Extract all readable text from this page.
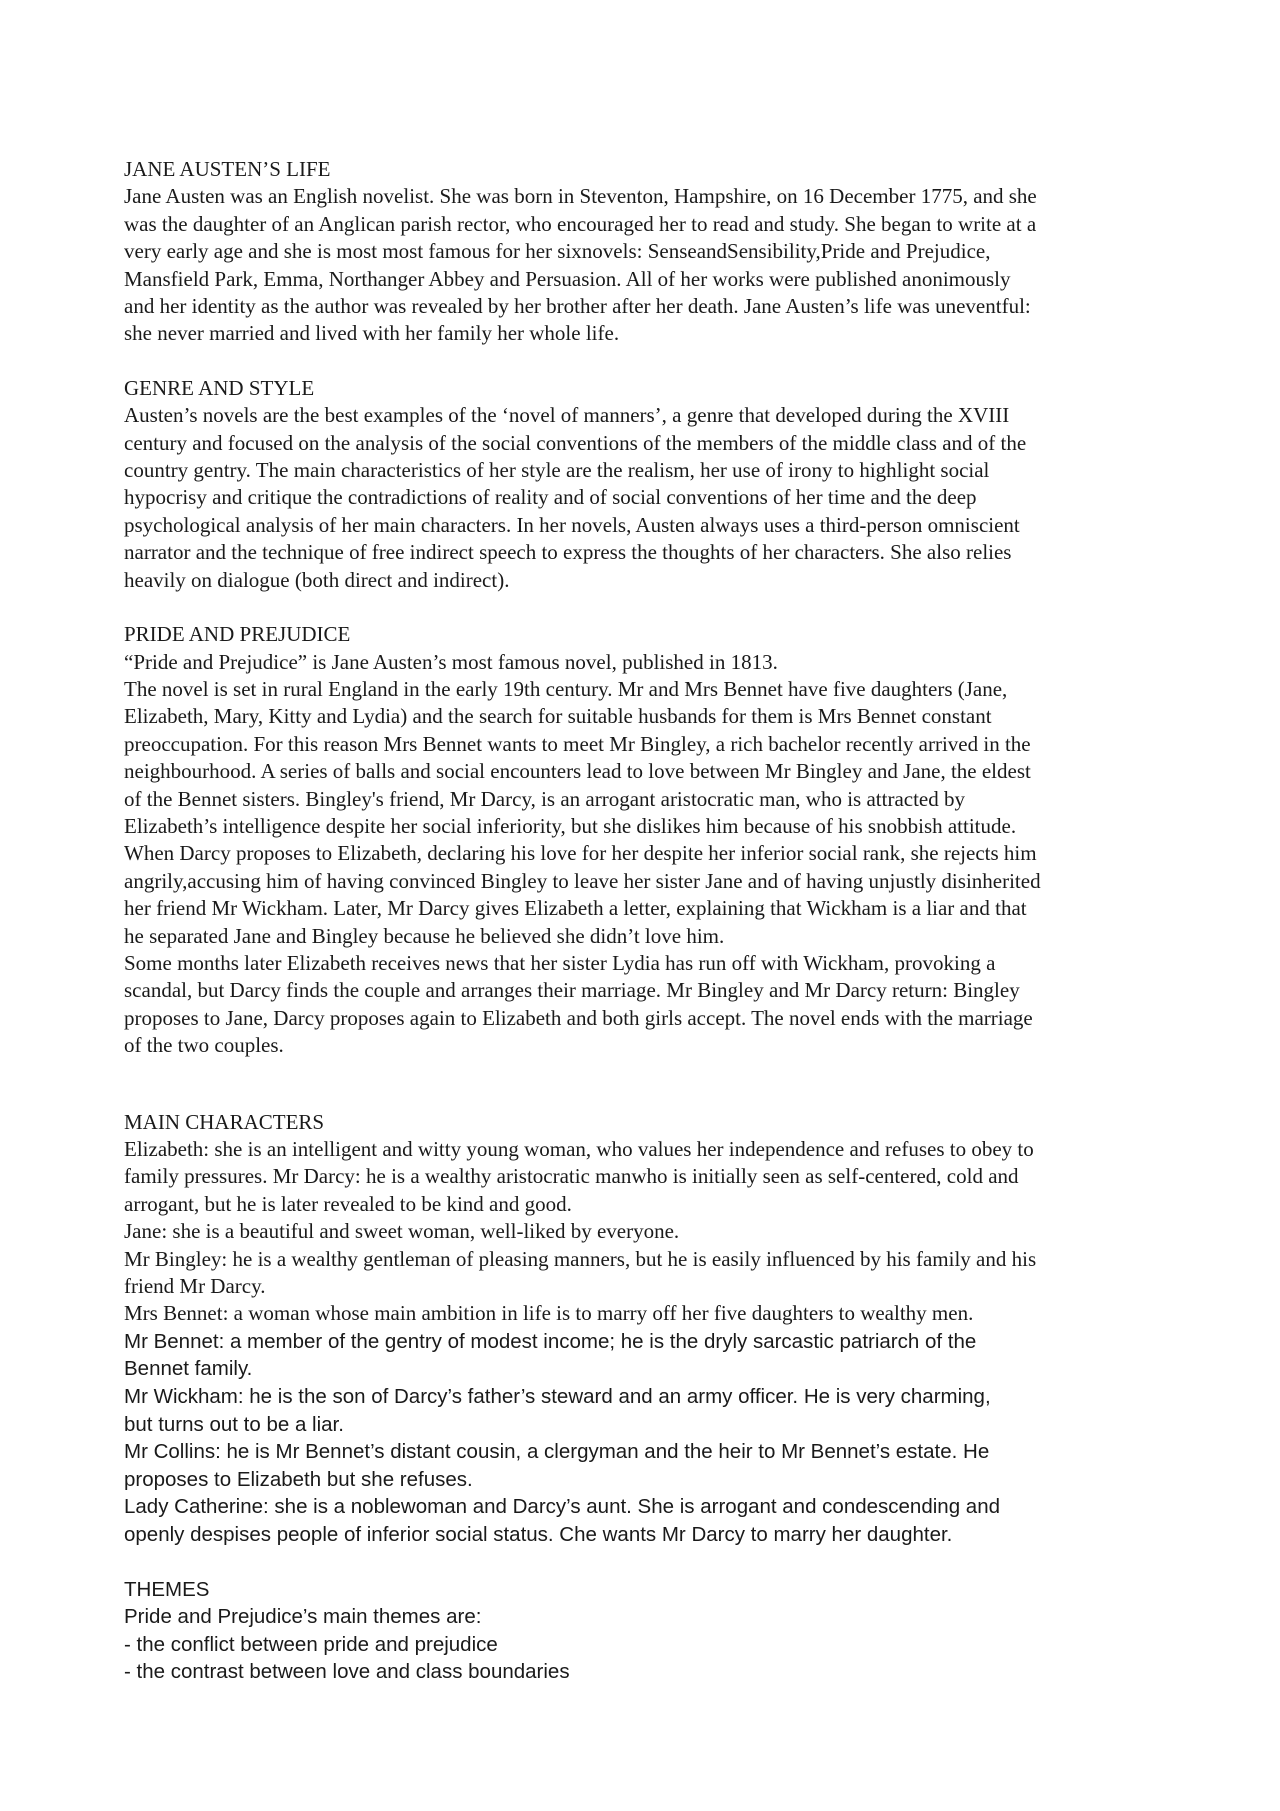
JANE AUSTEN’S LIFE
Jane Austen was an English novelist. She was born in Steventon, Hampshire, on 16 December 1775, and she
was the daughter of an Anglican parish rector, who encouraged her to read and study. She began to write at a
very early age and she is most most famous for her sixnovels: SenseandSensibility,Pride and Prejudice,
Mansfield Park, Emma, Northanger Abbey and Persuasion. All of her works were published anonimously
and her identity as the author was revealed by her brother after her death. Jane Austen’s life was uneventful:
she never married and lived with her family her whole life.
GENRE AND STYLE
Austen’s novels are the best examples of the ‘novel of manners’, a genre that developed during the XVIII
century and focused on the analysis of the social conventions of the members of the middle class and of the
country gentry. The main characteristics of her style are the realism, her use of irony to highlight social
hypocrisy and critique the contradictions of reality and of social conventions of her time and the deep
psychological analysis of her main characters. In her novels, Austen always uses a third-person omniscient
narrator and the technique of free indirect speech to express the thoughts of her characters. She also relies
heavily on dialogue (both direct and indirect).
PRIDE AND PREJUDICE
“Pride and Prejudice” is Jane Austen’s most famous novel, published in 1813.
The novel is set in rural England in the early 19th century. Mr and Mrs Bennet have five daughters (Jane,
Elizabeth, Mary, Kitty and Lydia) and the search for suitable husbands for them is Mrs Bennet constant
preoccupation. For this reason Mrs Bennet wants to meet Mr Bingley, a rich bachelor recently arrived in the
neighbourhood. A series of balls and social encounters lead to love between Mr Bingley and Jane, the eldest
of the Bennet sisters. Bingley's friend, Mr Darcy, is an arrogant aristocratic man, who is attracted by
Elizabeth’s intelligence despite her social inferiority, but she dislikes him because of his snobbish attitude.
When Darcy proposes to Elizabeth, declaring his love for her despite her inferior social rank, she rejects him
angrily,accusing him of having convinced Bingley to leave her sister Jane and of having unjustly disinherited
her friend Mr Wickham. Later, Mr Darcy gives Elizabeth a letter, explaining that Wickham is a liar and that
he separated Jane and Bingley because he believed she didn’t love him.
Some months later Elizabeth receives news that her sister Lydia has run off with Wickham, provoking a
scandal, but Darcy finds the couple and arranges their marriage. Mr Bingley and Mr Darcy return: Bingley
proposes to Jane, Darcy proposes again to Elizabeth and both girls accept. The novel ends with the marriage
of the two couples.
MAIN CHARACTERS
Elizabeth: she is an intelligent and witty young woman, who values her independence and refuses to obey to
family pressures. Mr Darcy: he is a wealthy aristocratic manwho is initially seen as self-centered, cold and
arrogant, but he is later revealed to be kind and good.
Jane: she is a beautiful and sweet woman, well-liked by everyone.
Mr Bingley: he is a wealthy gentleman of pleasing manners, but he is easily influenced by his family and his
friend Mr Darcy.
Mrs Bennet: a woman whose main ambition in life is to marry off her five daughters to wealthy men.
Mr Bennet: a member of the gentry of modest income; he is the dryly sarcastic patriarch of the
Bennet family.
Mr Wickham: he is the son of Darcy’s father’s steward and an army officer. He is very charming,
but turns out to be a liar.
Mr Collins: he is Mr Bennet’s distant cousin, a clergyman and the heir to Mr Bennet’s estate. He
proposes to Elizabeth but she refuses.
Lady Catherine: she is a noblewoman and Darcy’s aunt. She is arrogant and condescending and
openly despises people of inferior social status. Che wants Mr Darcy to marry her daughter.
THEMES
Pride and Prejudice’s main themes are:
- the conflict between pride and prejudice
- the contrast between love and class boundaries
